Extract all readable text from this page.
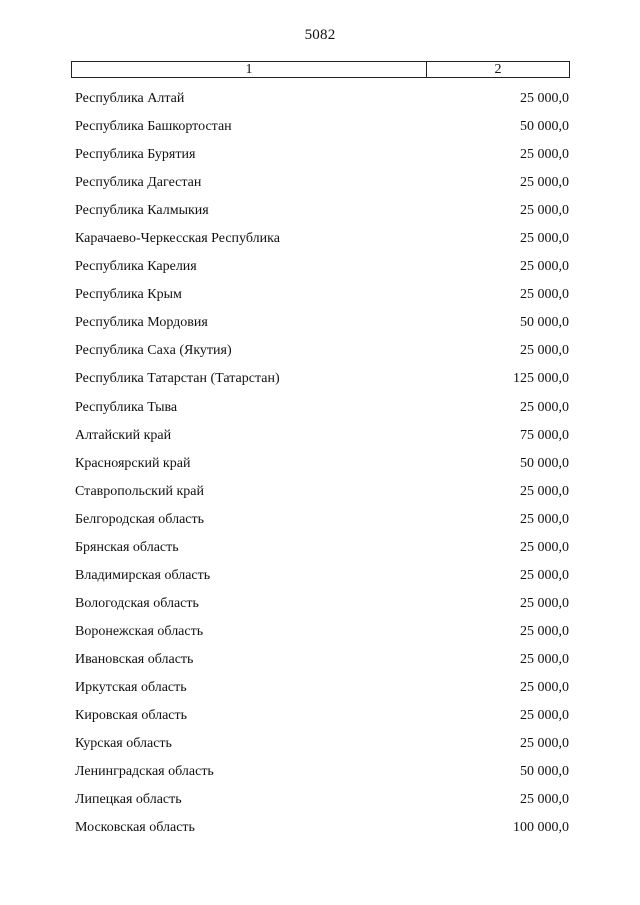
5082
1	2
Республика Алтай	25 000,0
Республика Башкортостан	50 000,0
Республика Бурятия	25 000,0
Республика Дагестан	25 000,0
Республика Калмыкия	25 000,0
Карачаево-Черкесская Республика	25 000,0
Республика Карелия	25 000,0
Республика Крым	25 000,0
Республика Мордовия	50 000,0
Республика Саха (Якутия)	25 000,0
Республика Татарстан (Татарстан)	125 000,0
Республика Тыва	25 000,0
Алтайский край	75 000,0
Красноярский край	50 000,0
Ставропольский край	25 000,0
Белгородская область	25 000,0
Брянская область	25 000,0
Владимирская область	25 000,0
Вологодская область	25 000,0
Воронежская область	25 000,0
Ивановская область	25 000,0
Иркутская область	25 000,0
Кировская область	25 000,0
Курская область	25 000,0
Ленинградская область	50 000,0
Липецкая область	25 000,0
Московская область	100 000,0
